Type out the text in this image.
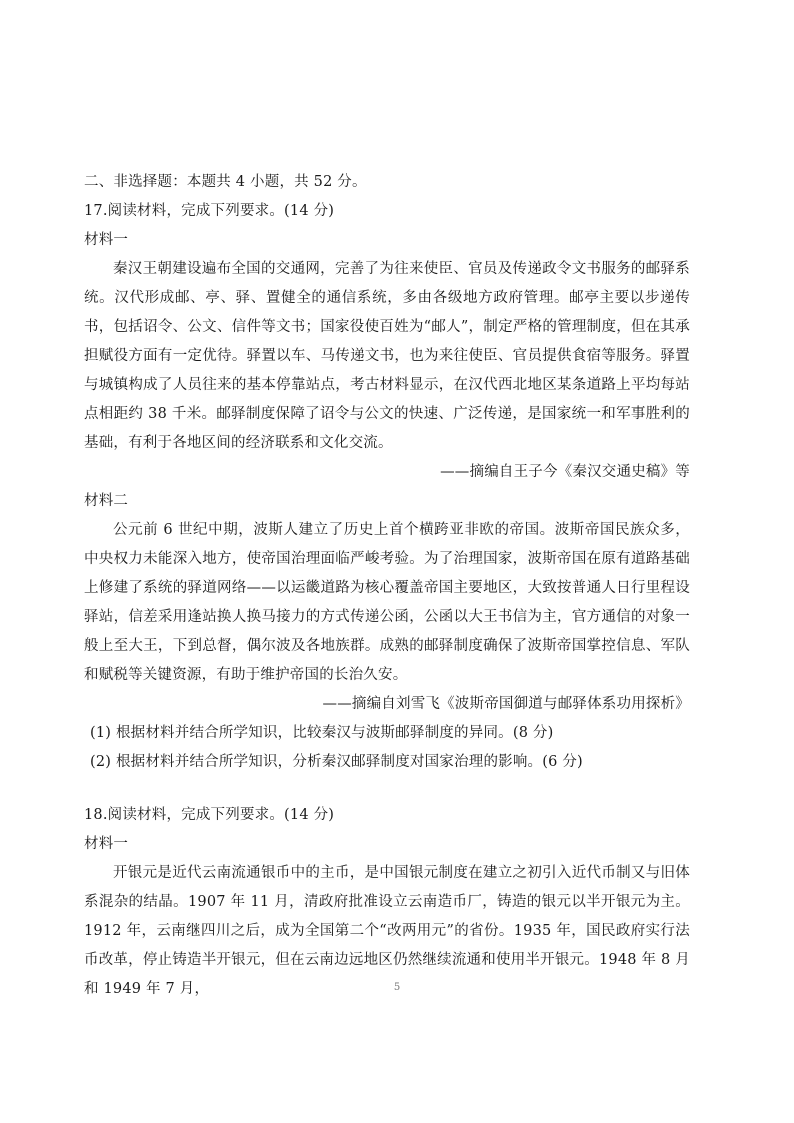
二、非选择题：本题共 4 小题，共 52 分。
17.阅读材料，完成下列要求。(14 分)
材料一
秦汉王朝建设遍布全国的交通网，完善了为往来使臣、官员及传递政令文书服务的邮驿系统。汉代形成邮、亭、驿、置健全的通信系统，多由各级地方政府管理。邮亭主要以步递传书，包括诏令、公文、信件等文书；国家役使百姓为“邮人”，制定严格的管理制度，但在其承担赋役方面有一定优待。驿置以车、马传递文书，也为来往使臣、官员提供食宿等服务。驿置与城镇构成了人员往来的基本停靠站点，考古材料显示，在汉代西北地区某条道路上平均每站点相距约 38 千米。邮驿制度保障了诏令与公文的快速、广泛传递，是国家统一和军事胜利的基础，有利于各地区间的经济联系和文化交流。
——摘编自王子今《秦汉交通史稿》等
材料二
公元前 6 世纪中期，波斯人建立了历史上首个横跨亚非欧的帝国。波斯帝国民族众多， 中央权力未能深入地方，使帝国治理面临严峻考验。为了治理国家，波斯帝国在原有道路基础上修建了系统的驿道网络——以运畿道路为核心覆盖帝国主要地区，大致按普通人日行里程设驿站，信差采用逢站换人换马接力的方式传递公函，公函以大王书信为主，官方通信的对象一般上至大王，下到总督，偶尔波及各地族群。成熟的邮驿制度确保了波斯帝国掌控信息、军队和赋税等关键资源，有助于维护帝国的长治久安。
——摘编自刘雪飞《波斯帝国御道与邮驿体系功用探析》
(1) 根据材料并结合所学知识，比较秦汉与波斯邮驿制度的异同。(8 分)
(2) 根据材料并结合所学知识，分析秦汉邮驿制度对国家治理的影响。(6 分)
18.阅读材料，完成下列要求。(14 分)
材料一
开银元是近代云南流通银币中的主币，是中国银元制度在建立之初引入近代币制又与旧体系混杂的结晶。1907 年 11 月，清政府批准设立云南造币厂，铸造的银元以半开银元为主。1912 年，云南继四川之后，成为全国第二个“改两用元”的省份。1935 年，国民政府实行法币改革，停止铸造半开银元，但在云南边远地区仍然继续流通和使用半开银元。1948 年 8 月和 1949 年 7 月，	5
